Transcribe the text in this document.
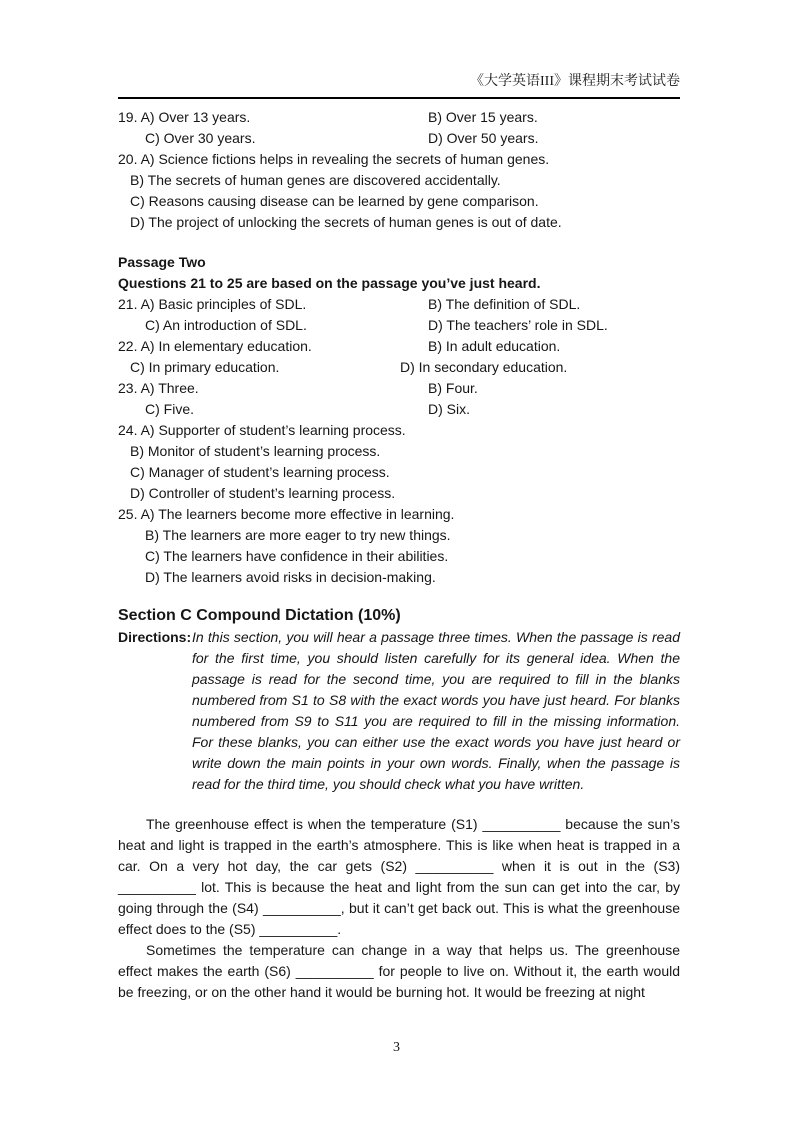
《大学英语III》课程期末考试试卷
19. A) Over 13 years.	B) Over 15 years.
C) Over 30 years.	D) Over 50 years.
20. A) Science fictions helps in revealing the secrets of human genes.
B) The secrets of human genes are discovered accidentally.
C) Reasons causing disease can be learned by gene comparison.
D) The project of unlocking the secrets of human genes is out of date.
Passage Two
Questions 21 to 25 are based on the passage you’ve just heard.
21. A) Basic principles of SDL.	B) The definition of SDL.
C) An introduction of SDL.	D) The teachers’ role in SDL.
22. A) In elementary education.	B) In adult education.
C) In primary education.	D) In secondary education.
23. A) Three.	B) Four.
C) Five.	D) Six.
24. A) Supporter of student’s learning process.
B) Monitor of student’s learning process.
C) Manager of student’s learning process.
D) Controller of student’s learning process.
25. A) The learners become more effective in learning.
B) The learners are more eager to try new things.
C) The learners have confidence in their abilities.
D) The learners avoid risks in decision-making.
Section C Compound Dictation (10%)
Directions: In this section, you will hear a passage three times. When the passage is read for the first time, you should listen carefully for its general idea. When the passage is read for the second time, you are required to fill in the blanks numbered from S1 to S8 with the exact words you have just heard. For blanks numbered from S9 to S11 you are required to fill in the missing information. For these blanks, you can either use the exact words you have just heard or write down the main points in your own words. Finally, when the passage is read for the third time, you should check what you have written.
The greenhouse effect is when the temperature (S1) __________ because the sun’s heat and light is trapped in the earth’s atmosphere. This is like when heat is trapped in a car. On a very hot day, the car gets (S2) __________ when it is out in the (S3) __________ lot. This is because the heat and light from the sun can get into the car, by going through the (S4) __________, but it can’t get back out. This is what the greenhouse effect does to the (S5) __________.
Sometimes the temperature can change in a way that helps us. The greenhouse effect makes the earth (S6) __________ for people to live on. Without it, the earth would be freezing, or on the other hand it would be burning hot. It would be freezing at night
3
